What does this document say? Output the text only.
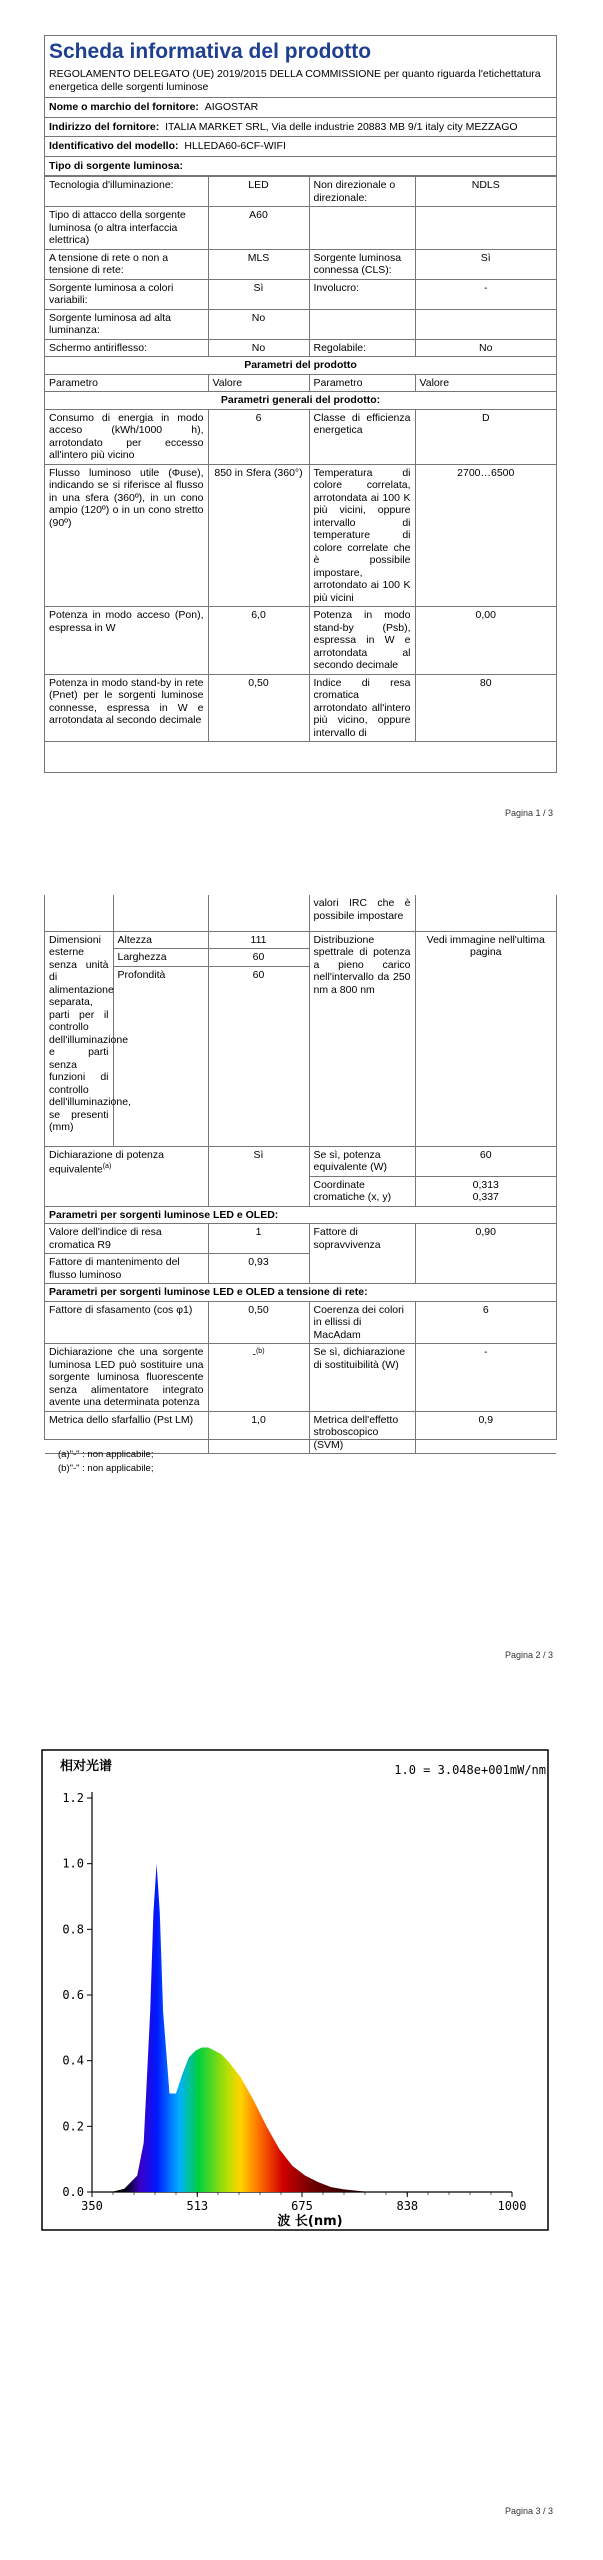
Scheda informativa del prodotto
REGOLAMENTO DELEGATO (UE) 2019/2015 DELLA COMMISSIONE per quanto riguarda l'etichettatura energetica delle sorgenti luminose
Nome o marchio del fornitore: AIGOSTAR
Indirizzo del fornitore: ITALIA MARKET SRL, Via delle industrie 20883 MB 9/1 italy city MEZZAGO
Identificativo del modello: HLLEDA60-6CF-WIFI
Tipo di sorgente luminosa:
Tecnologia d'illuminazione:	LED	Non direzionale o direzionale:	NDLS
Tipo di attacco della sorgente luminosa (o altra interfaccia elettrica)	A60		
A tensione di rete o non a tensione di rete:	MLS	Sorgente luminosa connessa (CLS):	Sì
Sorgente luminosa a colori variabili:	Sì	Involucro:	-
Sorgente luminosa ad alta luminanza:	No		
Schermo antiriflesso:	No	Regolabile:	No
Parametri del prodotto			
Parametro	Valore	Parametro	Valore
Parametri generali del prodotto:			
Consumo di energia in modo acceso (kWh/1000 h), arrotondato per eccesso all'intero più vicino	6	Classe di efficienza energetica	D
Flusso luminoso utile (Φuse), indicando se si riferisce al flusso in una sfera (360º), in un cono ampio (120º) o in un cono stretto (90º)	850 in Sfera (360°)	Temperatura di colore correlata, arrotondata ai 100 K più vicini, oppure intervallo di temperature di colore correlate che è possibile impostare, arrotondato ai 100 K più vicini	2700…6500
Potenza in modo acceso (Pon), espressa in W	6,0	Potenza in modo stand-by (Psb), espressa in W e arrotondata al secondo decimale	0,00
Potenza in modo stand-by in rete (Pnet) per le sorgenti luminose connesse, espressa in W e arrotondata al secondo decimale	0,50	Indice di resa cromatica arrotondato all'intero più vicino, oppure intervallo di	80
Pagina 1 / 3
			valori IRC che è possibile impostare	
Dimensioni esterne senza unità di alimentazione separata, parti per il controllo dell'illuminazione e parti senza funzioni di controllo dell'illuminazione, se presenti (mm)	Altezza	111	Distribuzione spettrale di potenza a pieno carico nell'intervallo da 250 nm a 800 nm	Vedi immagine nell'ultima pagina
	Larghezza	60		
	Profondità	60		
Dichiarazione di potenza equivalente$^{(a)}$		Sì	Se sì, potenza equivalente (W)	60
			Coordinate cromatiche (x, y)	0,313
0,337

Parametri per sorgenti luminose LED e OLED:				
Valore dell'indice di resa cromatica R9		1	Fattore di sopravvivenza	0,90
Fattore di mantenimento del flusso luminoso		0,93		
Parametri per sorgenti luminose LED e OLED a tensione di rete:				
Fattore di sfasamento (cos φ1)		0,50	Coerenza dei colori in ellissi di MacAdam	6
Dichiarazione che una sorgente luminosa LED può sostituire una sorgente luminosa fluorescente senza alimentatore integrato avente una determinata potenza		-$^{(b)}$	Se sì, dichiarazione di sostituibilità (W)	-
Metrica dello sfarfallio (Pst LM)		1,0	Metrica dell'effetto stroboscopico (SVM)	0,9
(a)"-" : non applicabile;
(b)"-" : non applicabile;
Pagina 2 / 3
相对光谱	1.0 = 3.048e+001mW/nm
波 长(nm)
0.0
0.2
0.4
0.6
0.8
1.0
1.2
350	513	675	838	1000
Pagina 3 / 3
